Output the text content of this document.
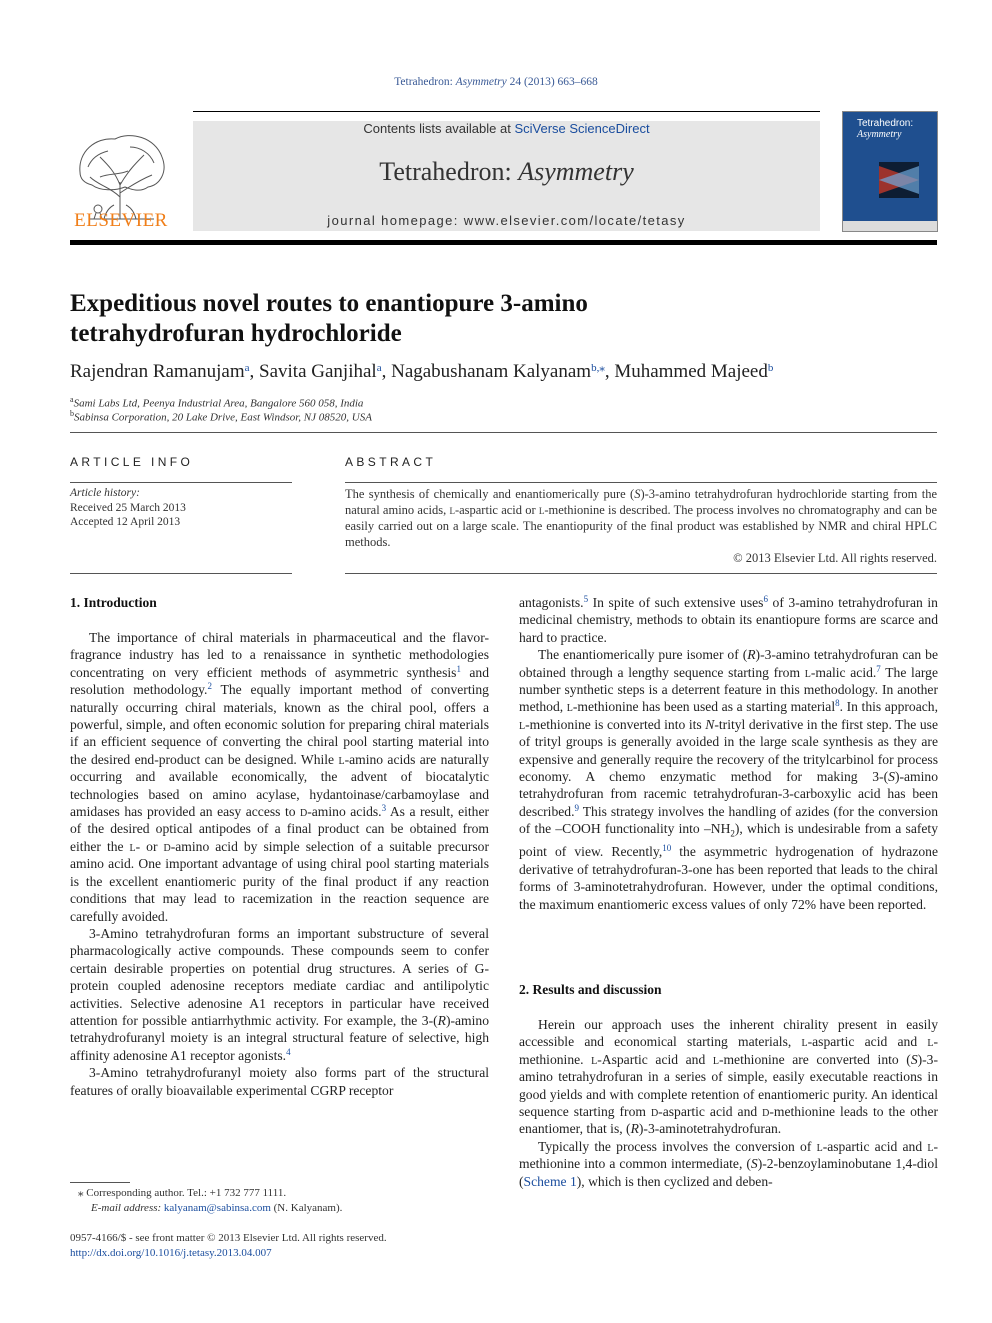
Tetrahedron: Asymmetry 24 (2013) 663–668
ELSEVIER
Contents lists available at SciVerse ScienceDirect
Tetrahedron: Asymmetry
journal homepage: www.elsevier.com/locate/tetasy
Tetrahedron:
Asymmetry
Expeditious novel routes to enantiopure 3-amino
tetrahydrofuran hydrochloride
Rajendran Ramanujam$^a$, Savita Ganjihal$^a$, Nagabushanam Kalyanam$^{b,⁎}$, Muhammed Majeed$^b$
$^a$Sami Labs Ltd, Peenya Industrial Area, Bangalore 560 058, India
$^b$Sabinsa Corporation, 20 Lake Drive, East Windsor, NJ 08520, USA
ARTICLE INFO	ABSTRACT
Article history:
Received 25 March 2013
Accepted 12 April 2013
The synthesis of chemically and enantiomerically pure (S)-3-amino tetrahydrofuran hydrochloride starting from the natural amino acids, l-aspartic acid or l-methionine is described. The process involves no chromatography and can be easily carried out on a large scale. The enantiopurity of the final product was established by NMR and chiral HPLC methods.
© 2013 Elsevier Ltd. All rights reserved.
1. Introduction

The importance of chiral materials in pharmaceutical and the flavor-fragrance industry has led to a renaissance in synthetic methodologies concentrating on very efficient methods of asymmetric synthesis$^1$ and resolution methodology.$^2$ The equally important method of converting naturally occurring chiral materials, known as the chiral pool, offers a powerful, simple, and often economic solution for preparing chiral materials if an efficient sequence of converting the chiral pool starting material into the desired end-product can be designed. While l-amino acids are naturally occurring and available economically, the advent of biocatalytic technologies based on amino acylase, hydantoinase/carbamoylase and amidases has provided an easy access to d-amino acids.$^3$ As a result, either of the desired optical antipodes of a final product can be obtained from either the l- or d-amino acid by simple selection of a suitable precursor amino acid. One important advantage of using chiral pool starting materials is the excellent enantiomeric purity of the final product if any reaction conditions that may lead to racemization in the reaction sequence are carefully avoided.

3-Amino tetrahydrofuran forms an important substructure of several pharmacologically active compounds. These compounds seem to confer certain desirable properties on potential drug structures. A series of G-protein coupled adenosine receptors mediate cardiac and antilipolytic activities. Selective adenosine A1 receptors in particular have received attention for possible antiarrhythmic activity. For example, the 3-(R)-amino tetrahydrofuranyl moiety is an integral structural feature of selective, high affinity adenosine A1 receptor agonists.$^4$

3-Amino tetrahydrofuranyl moiety also forms part of the structural features of orally bioavailable experimental CGRP receptor

⁎ Corresponding author. Tel.: +1 732 777 1111.
E-mail address: kalyanam@sabinsa.com (N. Kalyanam).
0957-4166/$ - see front matter © 2013 Elsevier Ltd. All rights reserved.
http://dx.doi.org/10.1016/j.tetasy.2013.04.007

antagonists.$^5$ In spite of such extensive uses$^6$ of 3-amino tetrahydrofuran in medicinal chemistry, methods to obtain its enantiopure forms are scarce and hard to practice.

The enantiomerically pure isomer of (R)-3-amino tetrahydrofuran can be obtained through a lengthy sequence starting from l-malic acid.$^7$ The large number synthetic steps is a deterrent feature in this methodology. In another method, l-methionine has been used as a starting material$^8$. In this approach, l-methionine is converted into its N-trityl derivative in the first step. The use of trityl groups is generally avoided in the large scale synthesis as they are expensive and generally require the recovery of the tritylcarbinol for process economy. A chemo enzymatic method for making 3-(S)-amino tetrahydrofuran from racemic tetrahydrofuran-3-carboxylic acid has been described.$^9$ This strategy involves the handling of azides (for the conversion of the –COOH functionality into $-NH_2$), which is undesirable from a safety point of view. Recently,$^{10}$ the asymmetric hydrogenation of hydrazone derivative of tetrahydrofuran-3-one has been reported that leads to the chiral forms of 3-aminotetrahydrofuran. However, under the optimal conditions, the maximum enantiomeric excess values of only 72% have been reported.

2. Results and discussion

Herein our approach uses the inherent chirality present in easily accessible and economical starting materials, l-aspartic acid and l-methionine. l-Aspartic acid and l-methionine are converted into (S)-3-amino tetrahydrofuran in a series of simple, easily executable reactions in good yields and with complete retention of enantiomeric purity. An identical sequence starting from d-aspartic acid and d-methionine leads to the other enantiomer, that is, (R)-3-aminotetrahydrofuran.

Typically the process involves the conversion of l-aspartic acid and l-methionine into a common intermediate, (S)-2-benzoylaminobutane 1,4-diol (Scheme 1), which is then cyclized and deben-
